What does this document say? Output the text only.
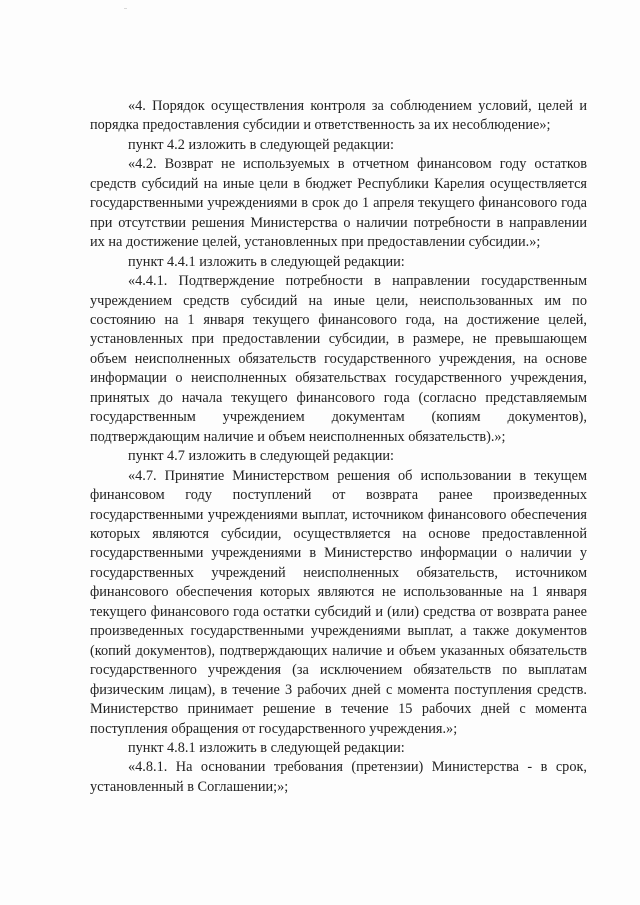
«4. Порядок осуществления контроля за соблюдением условий, целей и порядка предоставления субсидии и ответственность за их несоблюдение»;

пункт 4.2 изложить в следующей редакции:

«4.2. Возврат не используемых в отчетном финансовом году остатков средств субсидий на иные цели в бюджет Республики Карелия осуществляется государственными учреждениями в срок до 1 апреля текущего финансового года при отсутствии решения Министерства о наличии потребности в направлении их на достижение целей, установленных при предоставлении субсидии.»;

пункт 4.4.1 изложить в следующей редакции:

«4.4.1. Подтверждение потребности в направлении государственным учреждением средств субсидий на иные цели, неиспользованных им по состоянию на 1 января текущего финансового года, на достижение целей, установленных при предоставлении субсидии, в размере, не превышающем объем неисполненных обязательств государственного учреждения, на основе информации о неисполненных обязательствах государственного учреждения, принятых до начала текущего финансового года (согласно представляемым государственным учреждением документам (копиям документов), подтверждающим наличие и объем неисполненных обязательств).»;

пункт 4.7 изложить в следующей редакции:

«4.7. Принятие Министерством решения об использовании в текущем финансовом году поступлений от возврата ранее произведенных государственными учреждениями выплат, источником финансового обеспечения которых являются субсидии, осуществляется на основе предоставленной государственными учреждениями в Министерство информации о наличии у государственных учреждений неисполненных обязательств, источником финансового обеспечения которых являются не использованные на 1 января текущего финансового года остатки субсидий и (или) средства от возврата ранее произведенных государственными учреждениями выплат, а также документов (копий документов), подтверждающих наличие и объем указанных обязательств государственного учреждения (за исключением обязательств по выплатам физическим лицам), в течение 3 рабочих дней с момента поступления средств. Министерство принимает решение в течение 15 рабочих дней с момента поступления обращения от государственного учреждения.»;

пункт 4.8.1 изложить в следующей редакции:

«4.8.1. На основании требования (претензии) Министерства - в срок, установленный в Соглашении;»;
